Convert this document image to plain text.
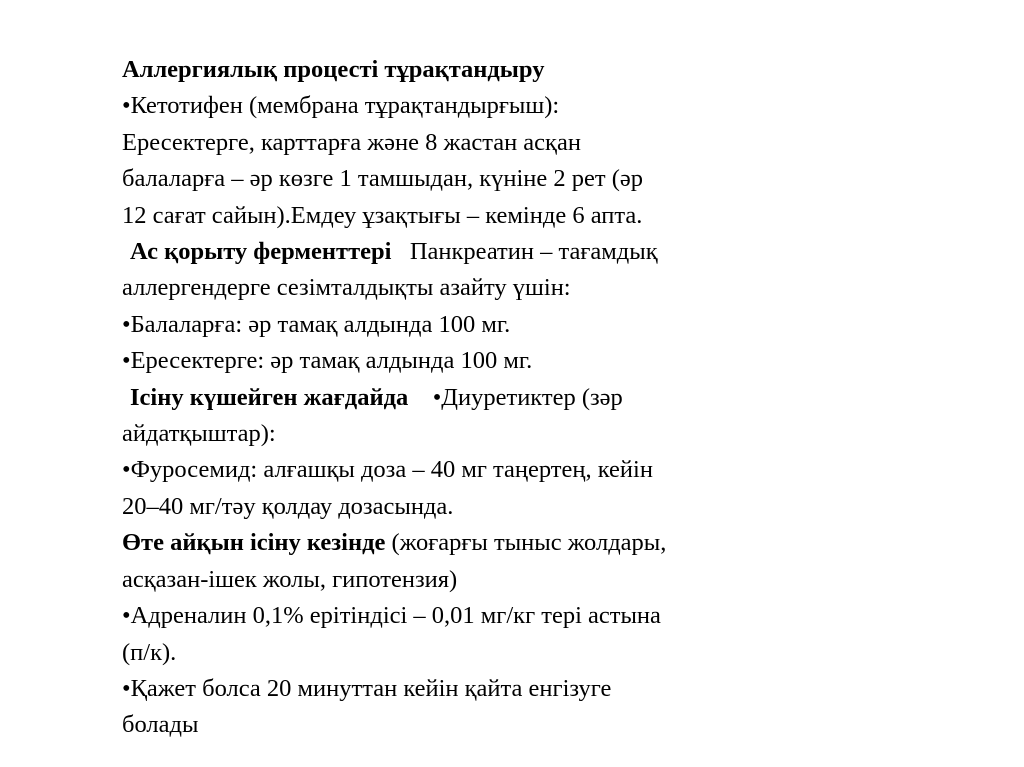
Аллергиялық процесті тұрақтандыру
•Кетотифен (мембрана тұрақтандырғыш):
Ересектерге, карттарға және 8 жастан асқан
балаларға – әр көзге 1 тамшыдан, күніне 2 рет (әр
12 сағат сайын).Емдеу ұзақтығы – кемінде 6 апта.
Ас қорыту ферменттері Панкреатин – тағамдық
аллергендерге сезімталдықты азайту үшін:
•Балаларға: әр тамақ алдында 100 мг.
•Ересектерге: әр тамақ алдында 100 мг.
Ісіну күшейген жағдайда •Диуретиктер (зәр
айдатқыштар):
•Фуросемид: алғашқы доза – 40 мг таңертең, кейін
20–40 мг/тәу қолдау дозасында.
Өте айқын ісіну кезінде (жоғарғы тыныс жолдары,
асқазан-ішек жолы, гипотензия)
•Адреналин 0,1% ерітіндісі – 0,01 мг/кг тері астына
(п/к).
•Қажет болса 20 минуттан кейін қайта енгізуге
болады
